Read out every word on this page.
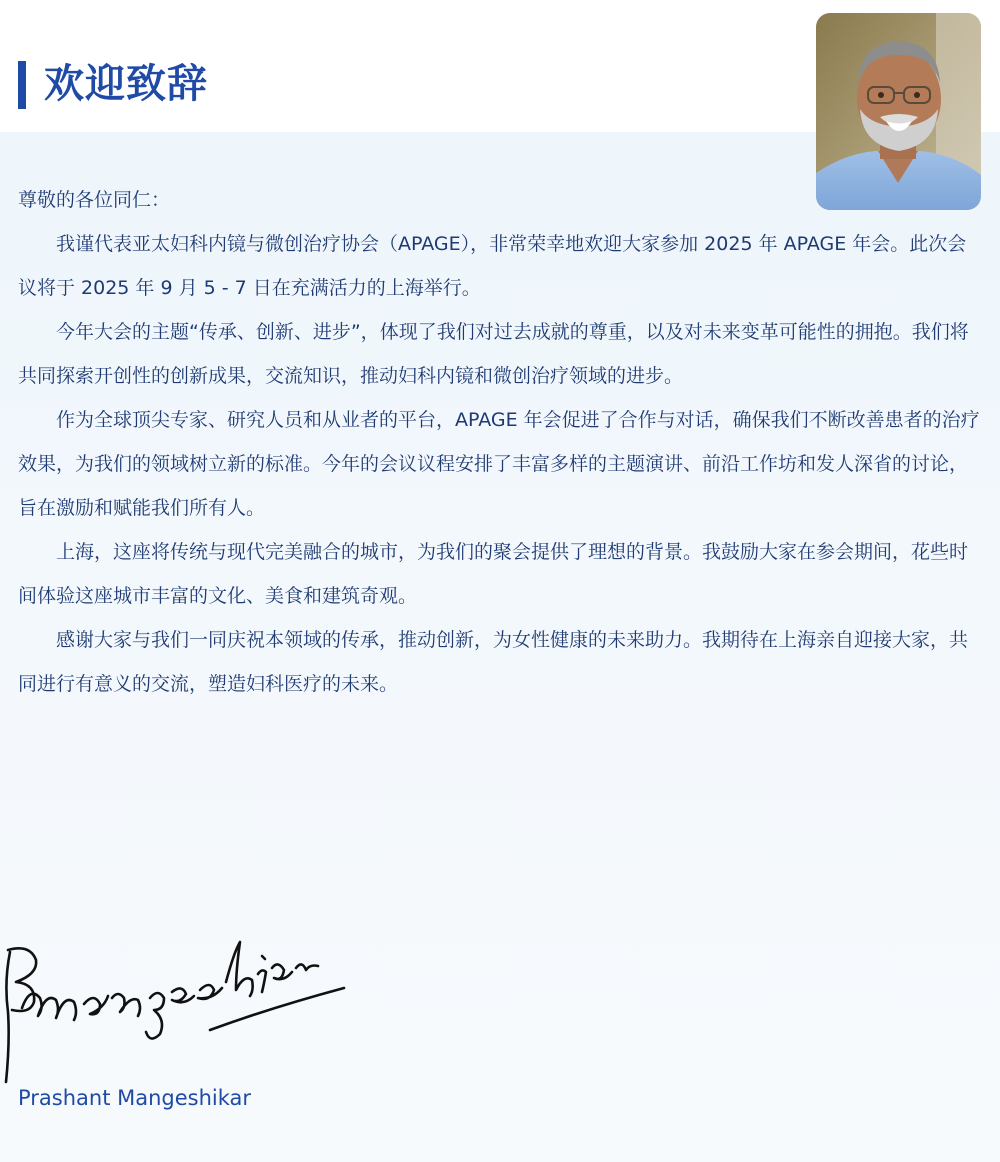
欢迎致辞

尊敬的各位同仁：

我谨代表亚太妇科内镜与微创治疗协会（APAGE），非常荣幸地欢迎大家参加 2025 年 APAGE 年会。此次会议将于 2025 年 9 月 5 - 7 日在充满活力的上海举行。

今年大会的主题“传承、创新、进步”，体现了我们对过去成就的尊重，以及对未来变革可能性的拥抱。我们将共同探索开创性的创新成果，交流知识，推动妇科内镜和微创治疗领域的进步。

作为全球顶尖专家、研究人员和从业者的平台，APAGE 年会促进了合作与对话，确保我们不断改善患者的治疗效果，为我们的领域树立新的标准。今年的会议议程安排了丰富多样的主题演讲、前沿工作坊和发人深省的讨论，旨在激励和赋能我们所有人。

上海，这座将传统与现代完美融合的城市，为我们的聚会提供了理想的背景。我鼓励大家在参会期间，花些时间体验这座城市丰富的文化、美食和建筑奇观。

感谢大家与我们一同庆祝本领域的传承，推动创新，为女性健康的未来助力。我期待在上海亲自迎接大家，共同进行有意义的交流，塑造妇科医疗的未来。

Prashant Mangeshikar
